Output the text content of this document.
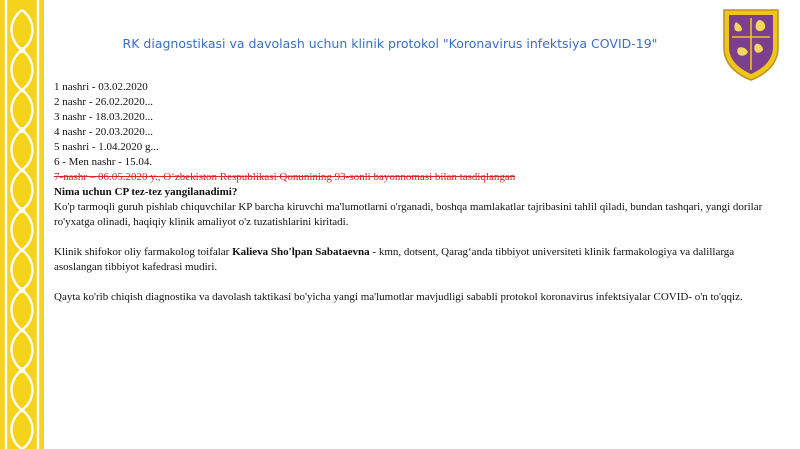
RK diagnostikasi va davolash uchun klinik protokol "Koronavirus infektsiya COVID-19"
1 nashri - 03.02.2020
2 nashr - 26.02.2020...
3 nashr - 18.03.2020...
4 nashr - 20.03.2020...
5 nashri - 1.04.2020 g...
6 - Men nashr - 15.04.
7-nashr – 06.05.2020 y., O‘zbekiston Respublikasi Qonunining 93-sonli bayonnomasi bilan tasdiqlangan
Nima uchun CP tez-tez yangilanadimi?

Ko'p tarmoqli guruh pishlab chiquvchilar KP barcha kiruvchi ma'lumotlarni o'rganadi, boshqa mamlakatlar tajribasini tahlil qiladi, bundan tashqari, yangi dorilar ro'yxatga olinadi, haqiqiy klinik amaliyot o'z tuzatishlarini kiritadi.

Klinik shifokor oliy farmakolog toifalar Kalieva Sho'lpan Sabataevna - kmn, dotsent, Qarag‘anda tibbiyot universiteti klinik farmakologiya va dalillarga asoslangan tibbiyot kafedrasi mudiri.

Qayta ko'rib chiqish diagnostika va davolash taktikasi bo'yicha yangi ma'lumotlar mavjudligi sababli protokol koronavirus infektsiyalar COVID- o'n to'qqiz.
